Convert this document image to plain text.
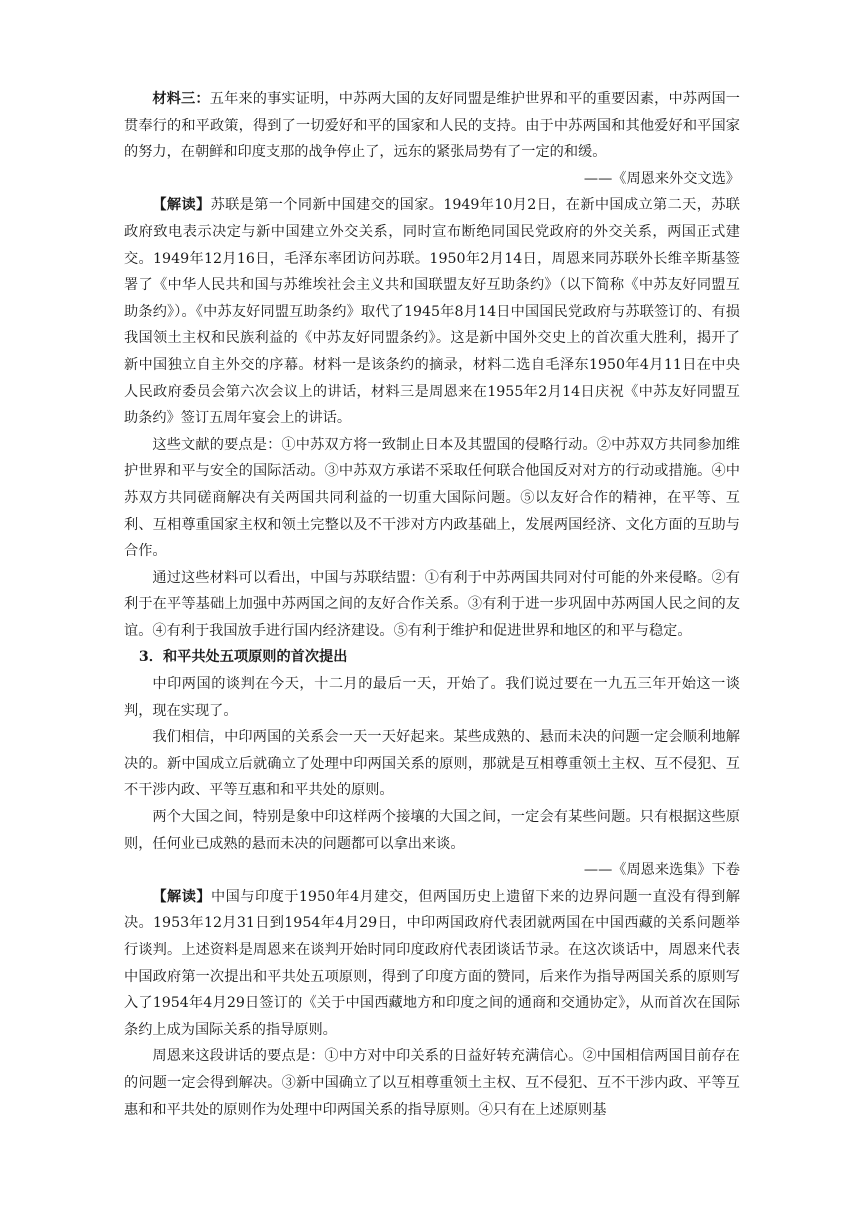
材料三：五年来的事实证明，中苏两大国的友好同盟是维护世界和平的重要因素，中苏两国一贯奉行的和平政策，得到了一切爱好和平的国家和人民的支持。由于中苏两国和其他爱好和平国家的努力，在朝鲜和印度支那的战争停止了，远东的紧张局势有了一定的和缓。

——《周恩来外交文选》

【解读】苏联是第一个同新中国建交的国家。1949年10月2日，在新中国成立第二天，苏联政府致电表示决定与新中国建立外交关系，同时宣布断绝同国民党政府的外交关系，两国正式建交。1949年12月16日，毛泽东率团访问苏联。1950年2月14日，周恩来同苏联外长维辛斯基签署了《中华人民共和国与苏维埃社会主义共和国联盟友好互助条约》（以下简称《中苏友好同盟互助条约》）。《中苏友好同盟互助条约》取代了1945年8月14日中国国民党政府与苏联签订的、有损我国领土主权和民族利益的《中苏友好同盟条约》。这是新中国外交史上的首次重大胜利，揭开了新中国独立自主外交的序幕。材料一是该条约的摘录，材料二选自毛泽东1950年4月11日在中央人民政府委员会第六次会议上的讲话，材料三是周恩来在1955年2月14日庆祝《中苏友好同盟互助条约》签订五周年宴会上的讲话。

这些文献的要点是：①中苏双方将一致制止日本及其盟国的侵略行动。②中苏双方共同参加维护世界和平与安全的国际活动。③中苏双方承诺不采取任何联合他国反对对方的行动或措施。④中苏双方共同磋商解决有关两国共同利益的一切重大国际问题。⑤以友好合作的精神，在平等、互利、互相尊重国家主权和领土完整以及不干涉对方内政基础上，发展两国经济、文化方面的互助与合作。

通过这些材料可以看出，中国与苏联结盟：①有利于中苏两国共同对付可能的外来侵略。②有利于在平等基础上加强中苏两国之间的友好合作关系。③有利于进一步巩固中苏两国人民之间的友谊。④有利于我国放手进行国内经济建设。⑤有利于维护和促进世界和地区的和平与稳定。

3．和平共处五项原则的首次提出

中印两国的谈判在今天，十二月的最后一天，开始了。我们说过要在一九五三年开始这一谈判，现在实现了。

我们相信，中印两国的关系会一天一天好起来。某些成熟的、悬而未决的问题一定会顺利地解决的。新中国成立后就确立了处理中印两国关系的原则，那就是互相尊重领土主权、互不侵犯、互不干涉内政、平等互惠和和平共处的原则。

两个大国之间，特别是象中印这样两个接壤的大国之间，一定会有某些问题。只有根据这些原则，任何业已成熟的悬而未决的问题都可以拿出来谈。

——《周恩来选集》下卷

【解读】中国与印度于1950年4月建交，但两国历史上遗留下来的边界问题一直没有得到解决。1953年12月31日到1954年4月29日，中印两国政府代表团就两国在中国西藏的关系问题举行谈判。上述资料是周恩来在谈判开始时同印度政府代表团谈话节录。在这次谈话中，周恩来代表中国政府第一次提出和平共处五项原则，得到了印度方面的赞同，后来作为指导两国关系的原则写入了1954年4月29日签订的《关于中国西藏地方和印度之间的通商和交通协定》，从而首次在国际条约上成为国际关系的指导原则。

周恩来这段讲话的要点是：①中方对中印关系的日益好转充满信心。②中国相信两国目前存在的问题一定会得到解决。③新中国确立了以互相尊重领土主权、互不侵犯、互不干涉内政、平等互惠和和平共处的原则作为处理中印两国关系的指导原则。④只有在上述原则基
